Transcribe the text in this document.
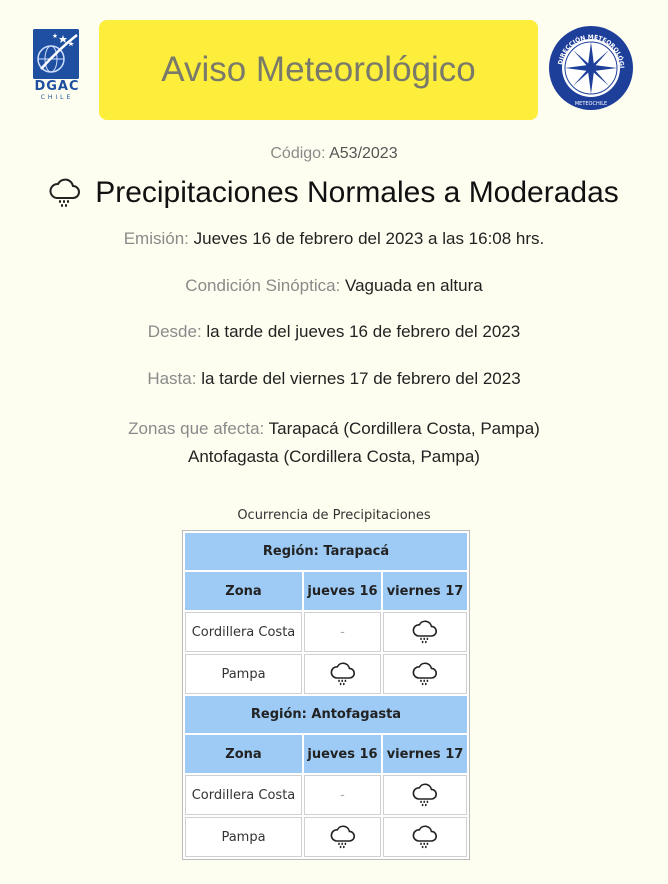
DGAC
CHILE
Aviso Meteorológico	DIRECCIÓN METEOROLÓGI
METEOCHILE
Código: A53/2023
Precipitaciones Normales a Moderadas
Emisión: Jueves 16 de febrero del 2023 a las 16:08 hrs.
Condición Sinóptica: Vaguada en altura
Desde: la tarde del jueves 16 de febrero del 2023
Hasta: la tarde del viernes 17 de febrero del 2023
Zonas que afecta: Tarapacá (Cordillera Costa, Pampa)
Antofagasta (Cordillera Costa, Pampa)
Ocurrencia de Precipitaciones
Región: Tarapacá		
Zona	jueves 16	viernes 17
Cordillera Costa	-	
Pampa		
Región: Antofagasta		
Zona	jueves 16	viernes 17
Cordillera Costa	-	
Pampa		
